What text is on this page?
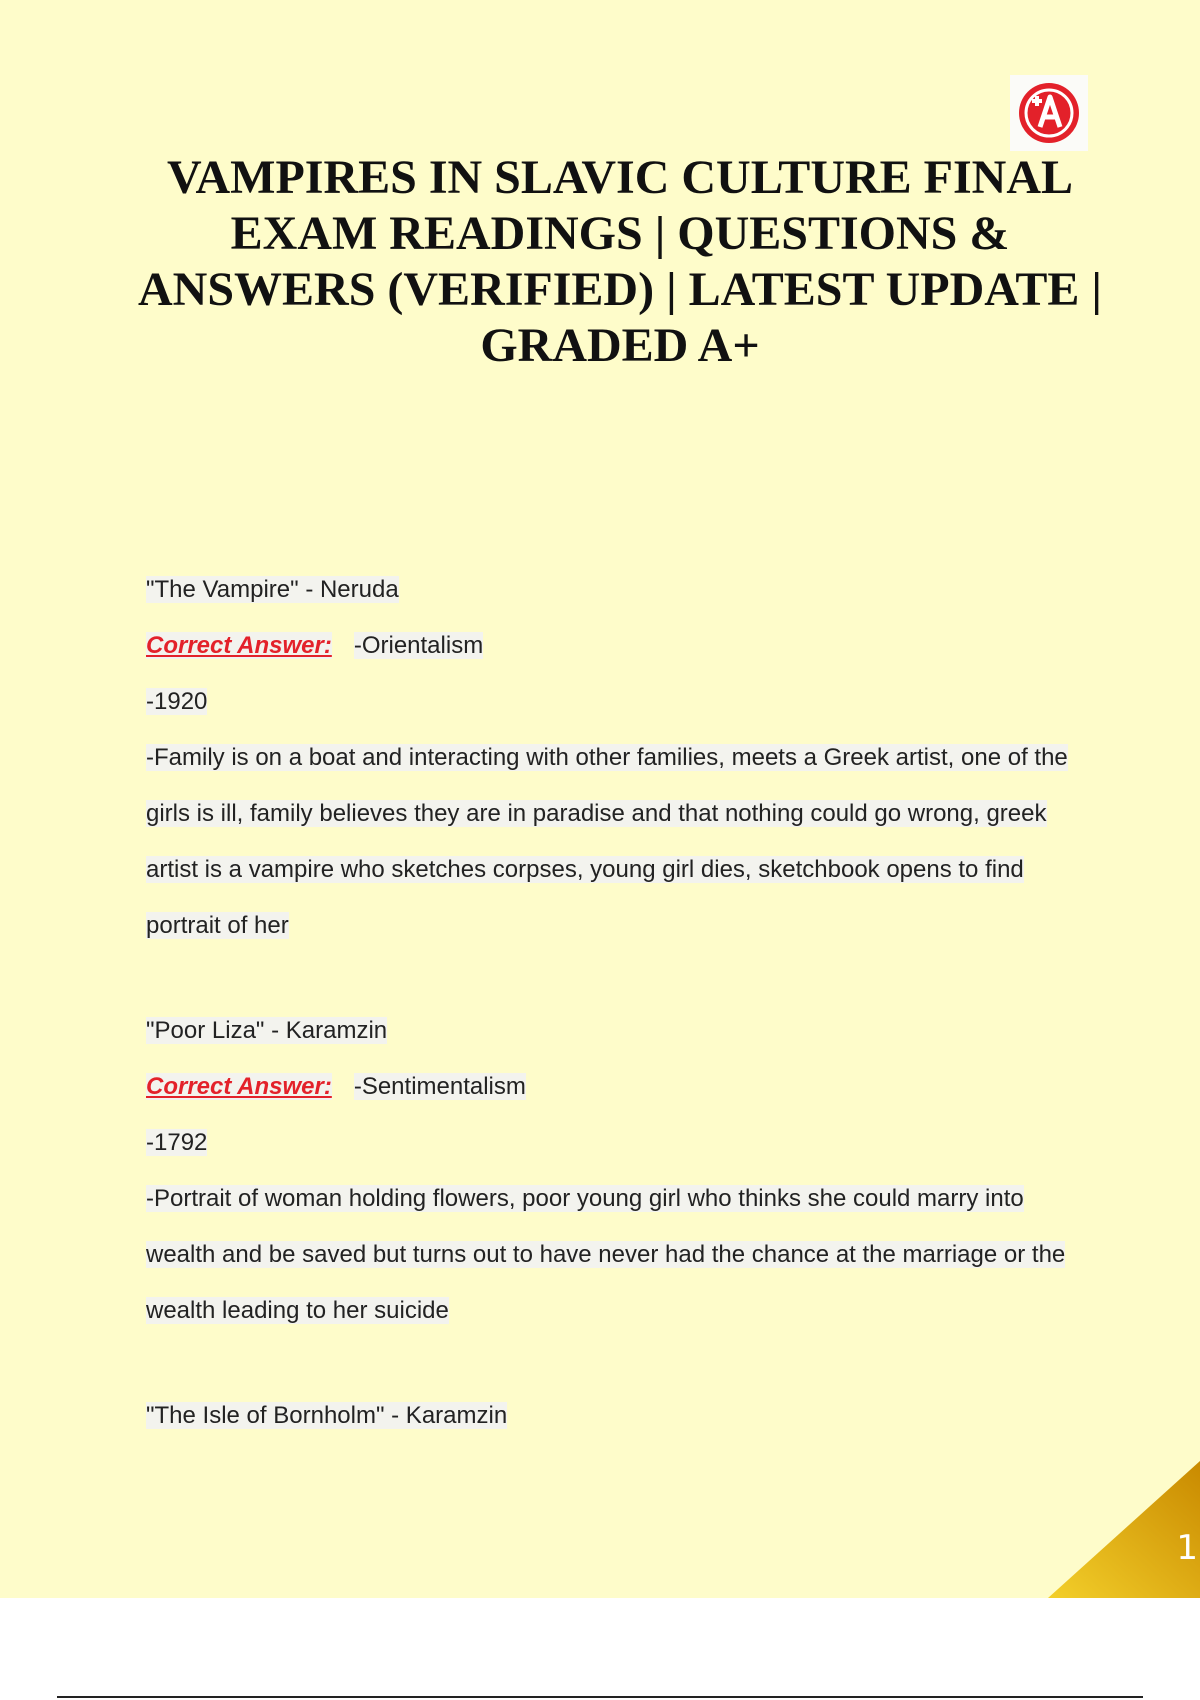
VAMPIRES IN SLAVIC CULTURE FINAL EXAM READINGS | QUESTIONS & ANSWERS (VERIFIED) | LATEST UPDATE | GRADED A+
"The Vampire" - Neruda
Correct Answer: -Orientalism
-1920
-Family is on a boat and interacting with other families, meets a Greek artist, one of the
girls is ill, family believes they are in paradise and that nothing could go wrong, greek
artist is a vampire who sketches corpses, young girl dies, sketchbook opens to find
portrait of her
"Poor Liza" - Karamzin
Correct Answer: -Sentimentalism
-1792
-Portrait of woman holding flowers, poor young girl who thinks she could marry into
wealth and be saved but turns out to have never had the chance at the marriage or the
wealth leading to her suicide
"The Isle of Bornholm" - Karamzin
1
